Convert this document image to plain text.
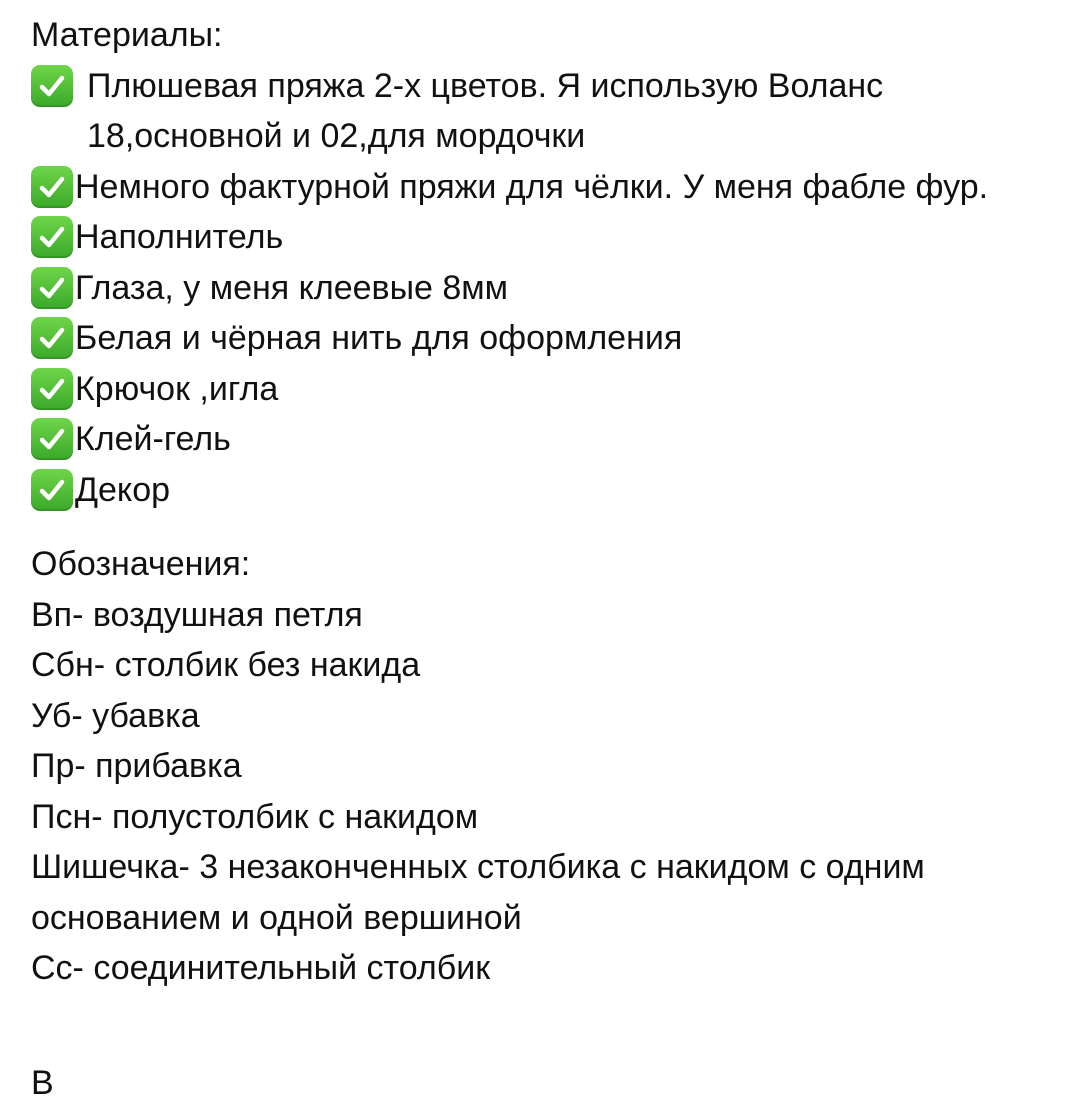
Материалы:

Плюшевая пряжа 2-х цветов. Я использую Воланс 18,основной и 02,для мордочки
Немного фактурной пряжи для чёлки. У меня фабле фур.
Наполнитель
Глаза, у меня клеевые 8мм
Белая и чёрная нить для оформления
Крючок ,игла
Клей-гель
Декор

Обозначения:

Вп- воздушная петля

Сбн- столбик без накида

Уб- убавка

Пр- прибавка

Псн- полустолбик с накидом

Шишечка- 3 незаконченных столбика с накидом с одним основанием и одной вершиной

Сс- соединительный столбик

В
